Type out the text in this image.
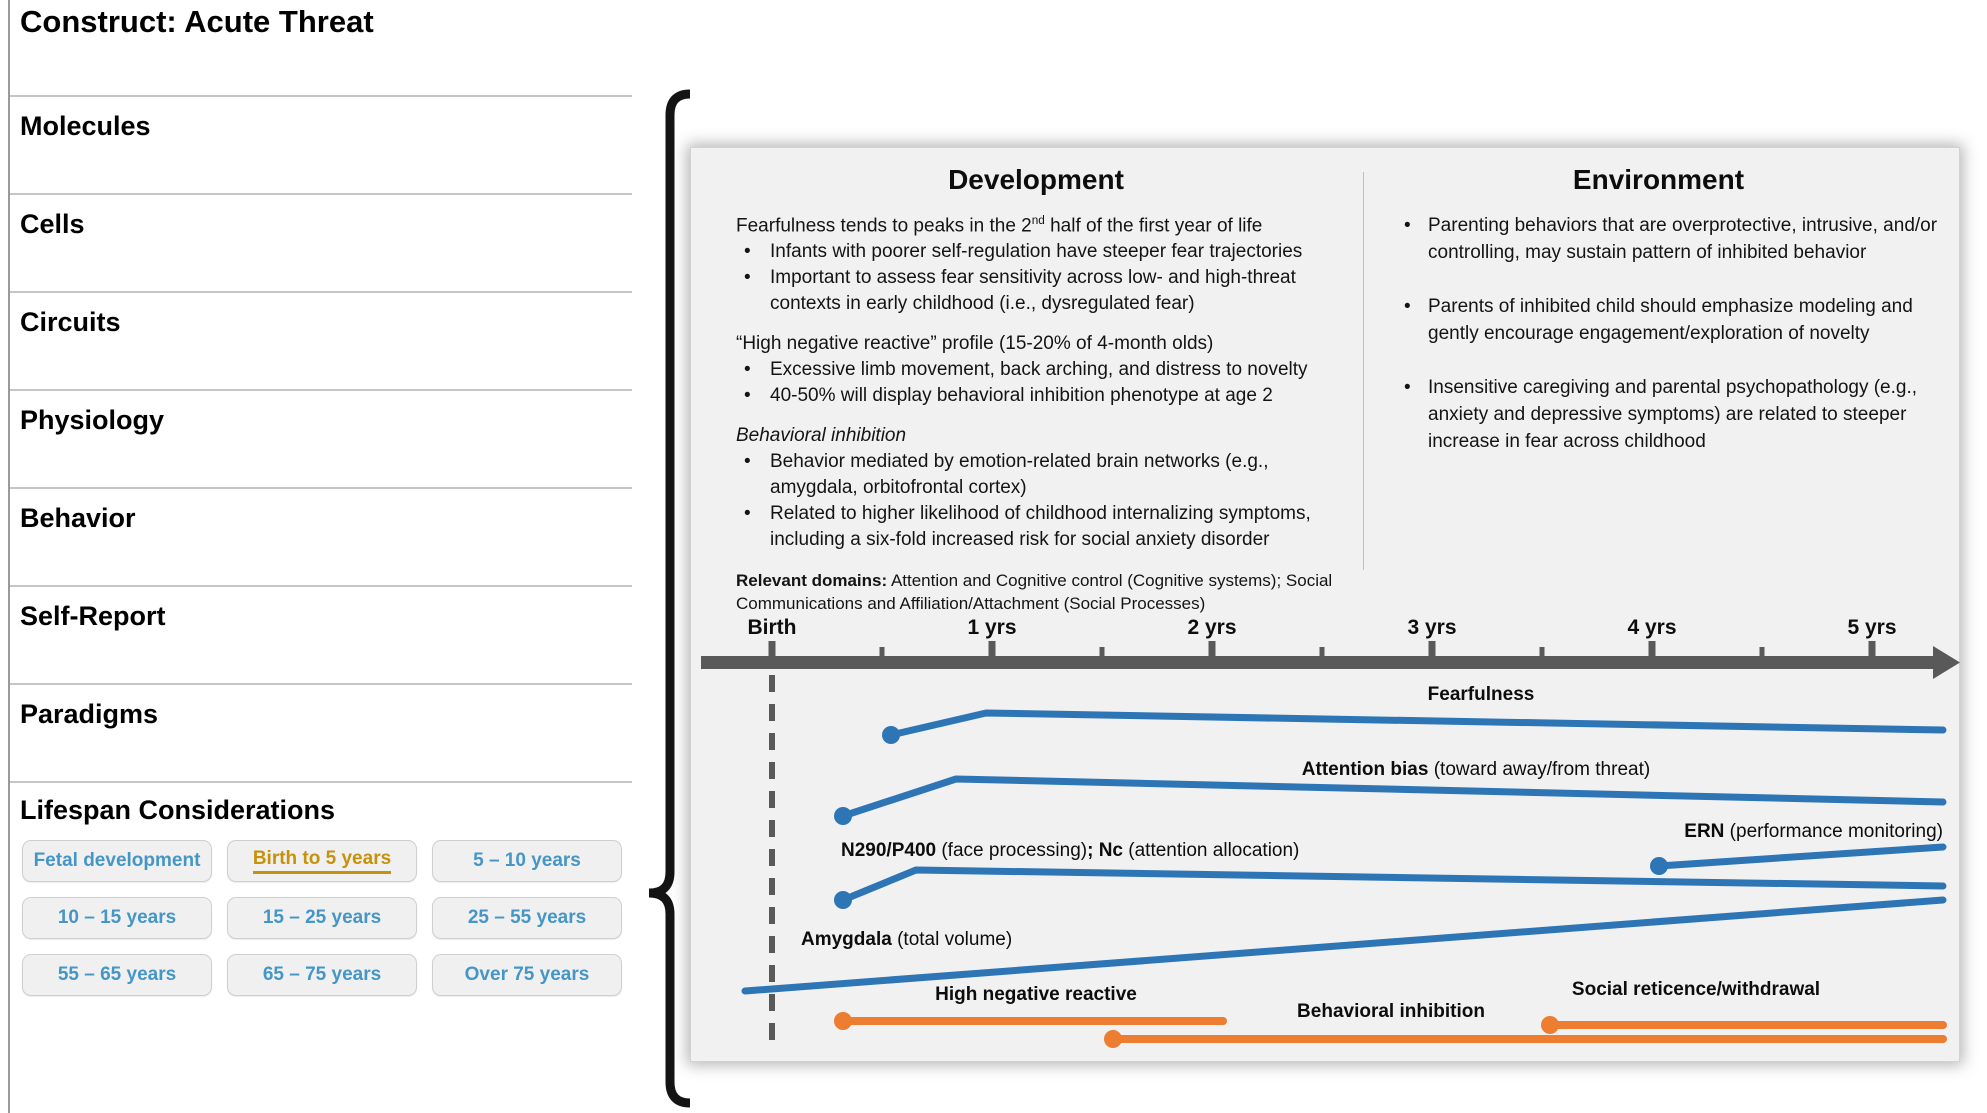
Construct: Acute Threat
Molecules
Cells
Circuits
Physiology
Behavior
Self-Report
Paradigms
Lifespan Considerations
Fetal development	Birth to 5 years	5 – 10 years
10 – 15 years	15 – 25 years	25 – 55 years
55 – 65 years	65 – 75 years	Over 75 years
Development	Environment
Fearfulness tends to peaks in the 2nd half of the first year of life
• Infants with poorer self-regulation have steeper fear trajectories
• Important to assess fear sensitivity across low- and high-threat contexts in early childhood (i.e., dysregulated fear)
“High negative reactive” profile (15-20% of 4-month olds)
• Excessive limb movement, back arching, and distress to novelty
• 40-50% will display behavioral inhibition phenotype at age 2
Behavioral inhibition
• Behavior mediated by emotion-related brain networks (e.g., amygdala, orbitofrontal cortex)
• Related to higher likelihood of childhood internalizing symptoms, including a six-fold increased risk for social anxiety disorder
Relevant domains: Attention and Cognitive control (Cognitive systems); Social Communications and Affiliation/Attachment (Social Processes)
• Parenting behaviors that are overprotective, intrusive, and/or controlling, may sustain pattern of inhibited behavior
• Parents of inhibited child should emphasize modeling and gently encourage engagement/exploration of novelty
• Insensitive caregiving and parental psychopathology (e.g., anxiety and depressive symptoms) are related to steeper increase in fear across childhood
Birth	1 yrs	2 yrs	3 yrs	4 yrs	5 yrs
Fearfulness
Attention bias (toward away/from threat)
N290/P400 (face processing); Nc (attention allocation)
ERN (performance monitoring)
Amygdala (total volume)
High negative reactive
Behavioral inhibition
Social reticence/withdrawal
